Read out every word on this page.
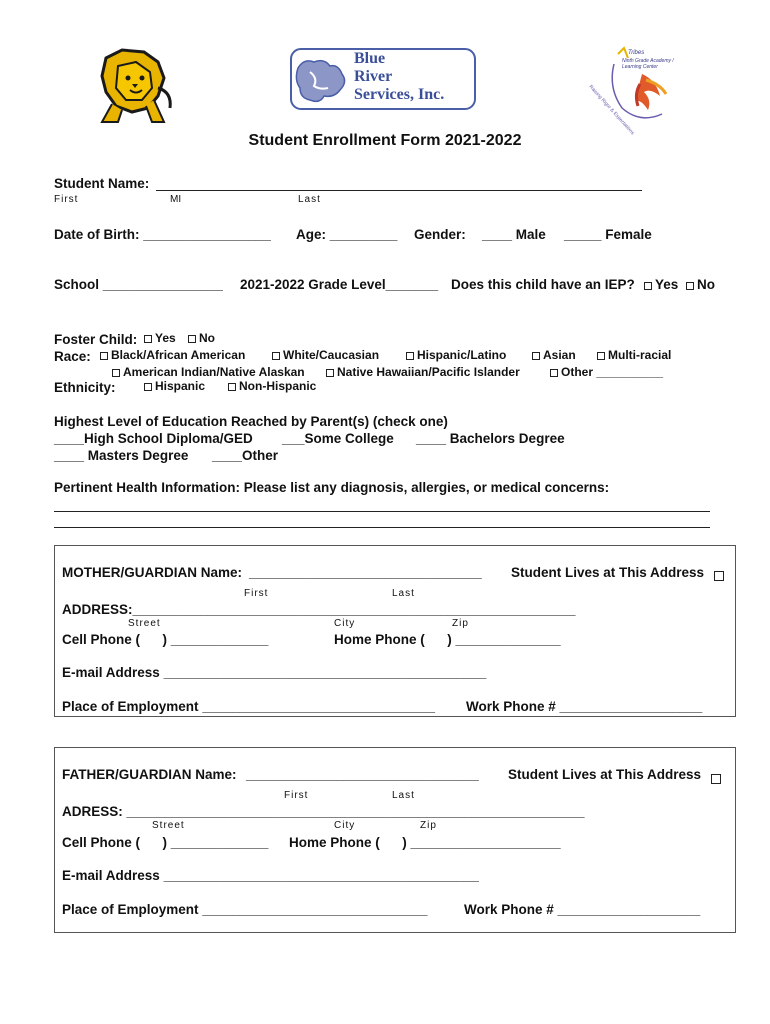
Blue
River
Services, Inc.
Tribes
Ninth Grade Academy / Learning Center
Raising Rigor & Expectations
Student Enrollment Form 2021-2022
Student Name:
First	MI	Last
Date of Birth: _________________ Age: _________ Gender: ____ Male _____ Female
School ________________ 2021-2022 Grade Level_______ Does this child have an IEP?	Yes	No
Foster Child:	Yes	No
Race:	Black/African American	White/Caucasian	Hispanic/Latino	Asian	Multi-racial
American Indian/Native Alaskan	Native Hawaiian/Pacific Islander	Other __________
Ethnicity:	Hispanic	Non-Hispanic
Highest Level of Education Reached by Parent(s) (check one)
____High School Diploma/GED ___Some College ____ Bachelors Degree
____ Masters Degree ____Other
Pertinent Health Information: Please list any diagnosis, allergies, or medical concerns:
MOTHER/GUARDIAN Name: _______________________________ Student Lives at This Address
First	Last
ADDRESS:___________________________________________________________
Street	City	Zip
Cell Phone (      ) _____________	Home Phone (      ) ______________
E-mail Address ___________________________________________
Place of Employment _______________________________ Work Phone # ___________________
FATHER/GUARDIAN Name: _______________________________ Student Lives at This Address
First	Last
ADRESS: _____________________________________________________________
Street	City	Zip
Cell Phone (      ) _____________ Home Phone (      ) ____________________
E-mail Address __________________________________________
Place of Employment ______________________________	Work Phone # ___________________
